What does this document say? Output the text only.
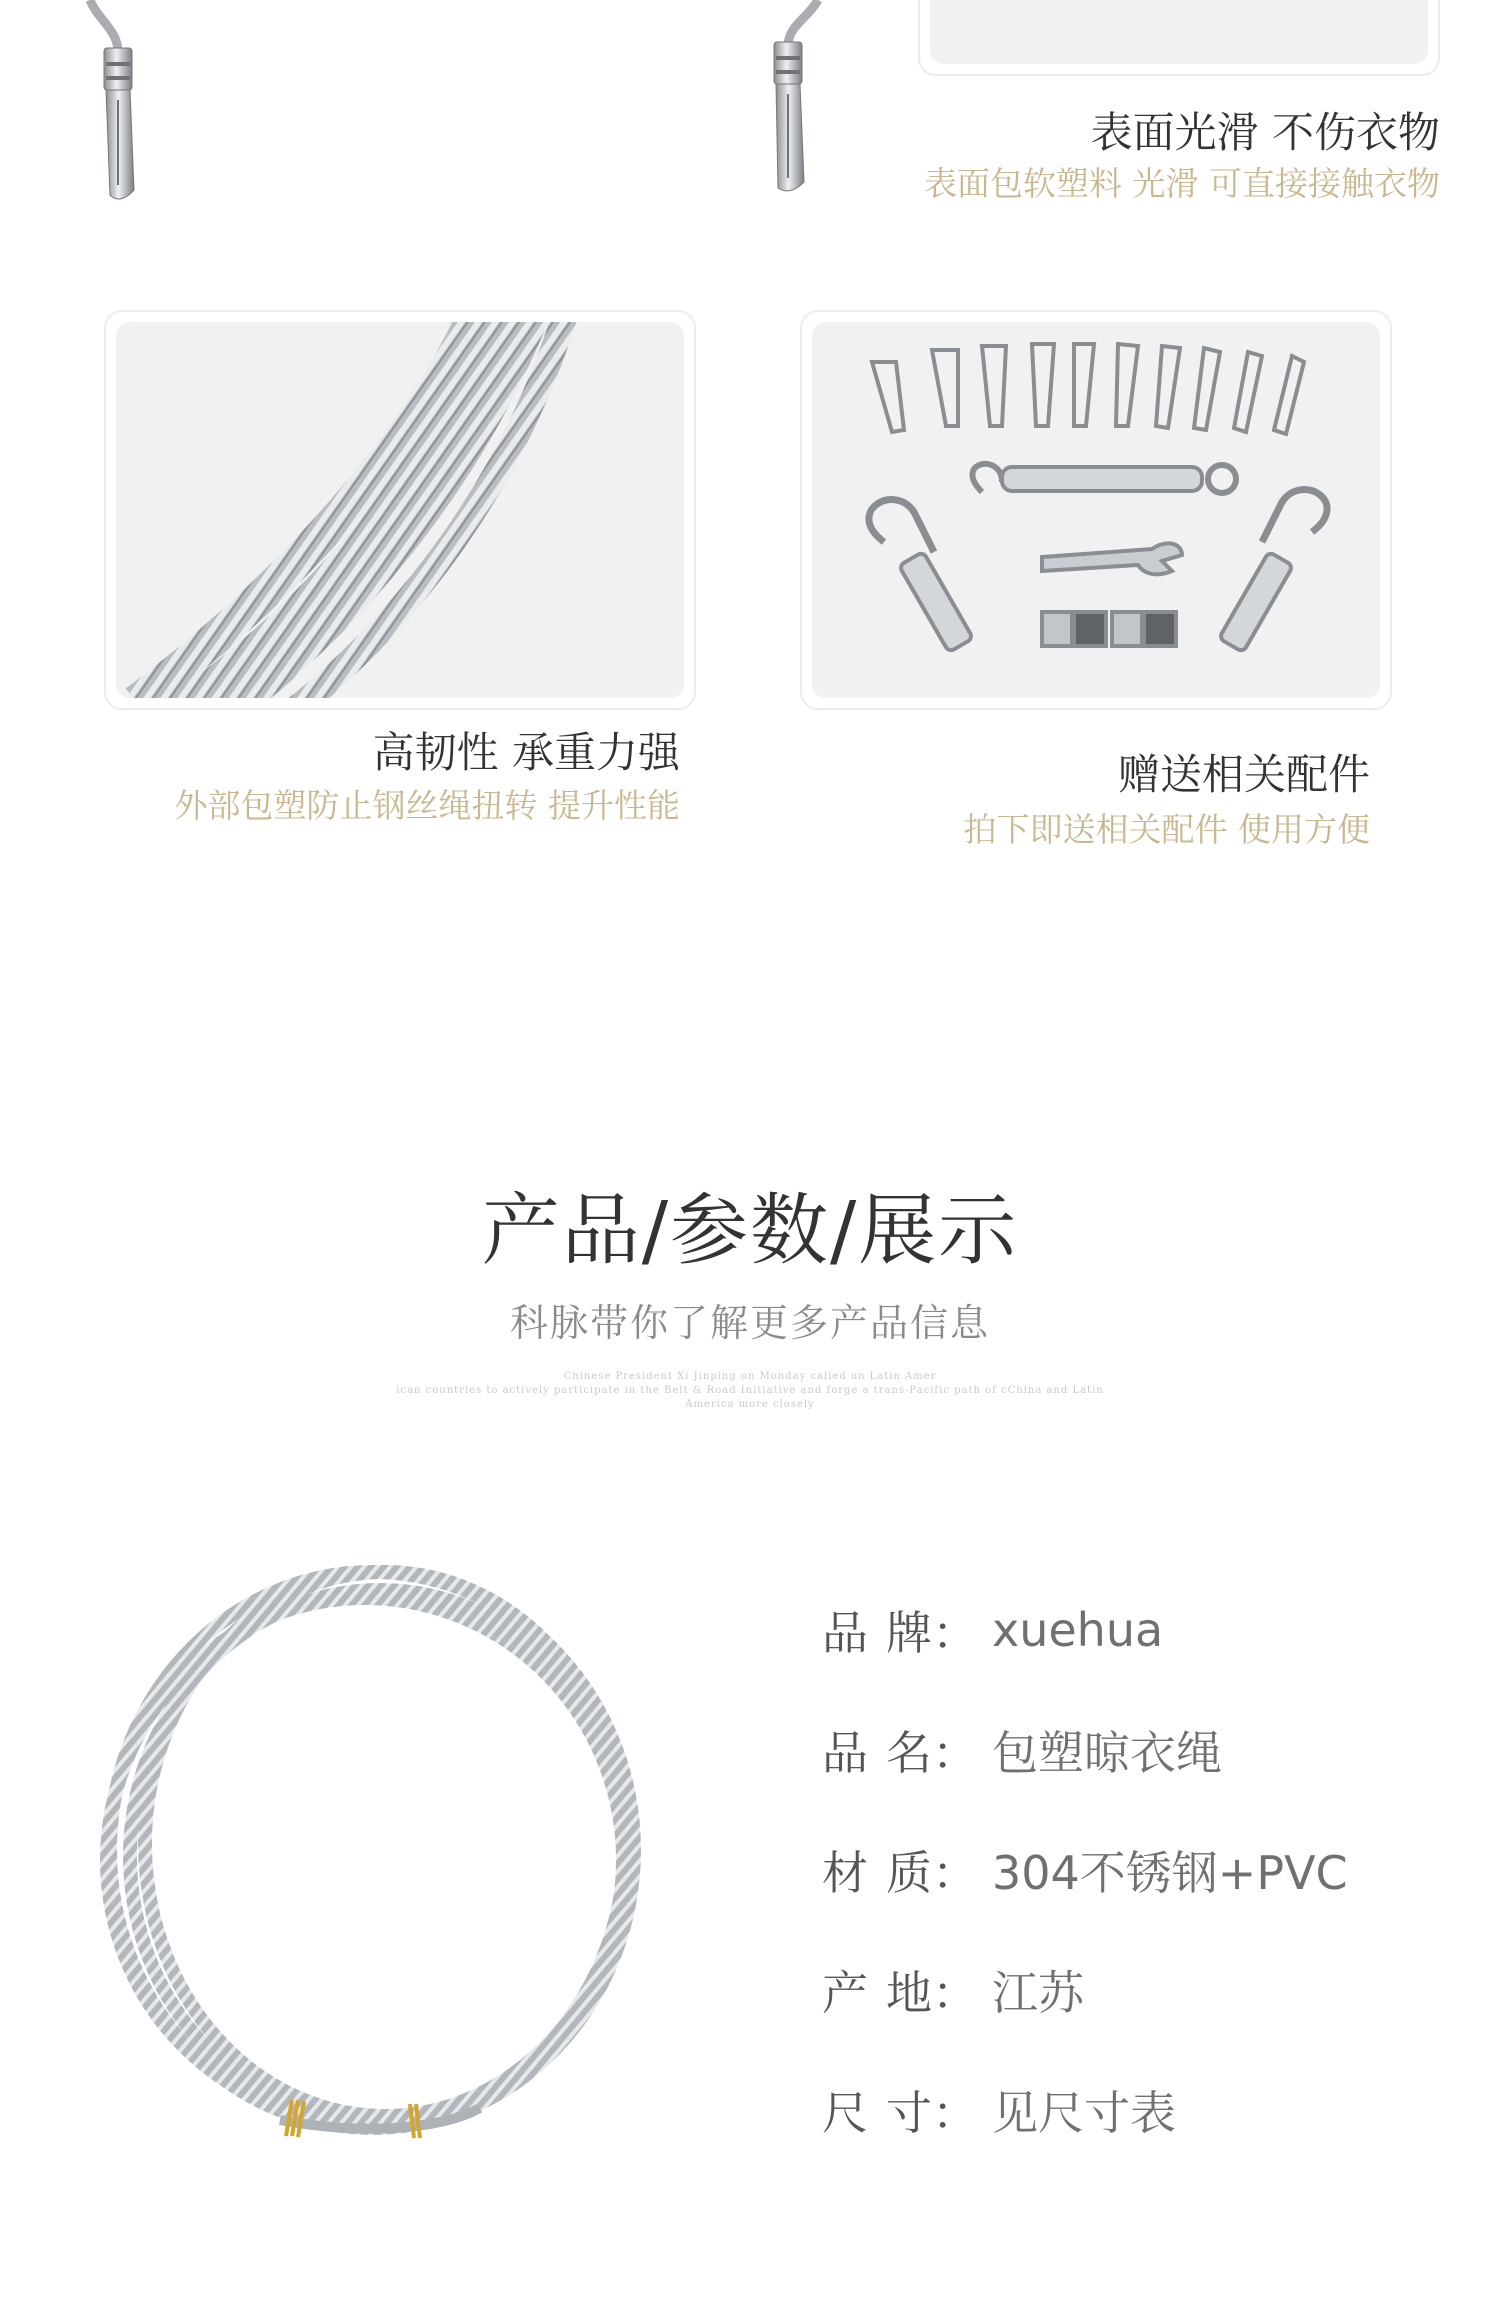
表面光滑 不伤衣物
表面包软塑料 光滑 可直接接触衣物
高韧性 承重力强
外部包塑防止钢丝绳扭转 提升性能
赠送相关配件
拍下即送相关配件 使用方便
产品/参数/展示
科脉带你了解更多产品信息
Chinese President Xi Jinping on Monday called on Latin Amer
ican countries to actively participate in the Belt & Road Initiative and forge a trans-Pacific path of cChina and Latin
America more closely
品 牌 ： xuehua
品 名 ： 包塑晾衣绳
材 质 ： 304不锈钢+PVC
产 地 ： 江苏
尺 寸 ： 见尺寸表
